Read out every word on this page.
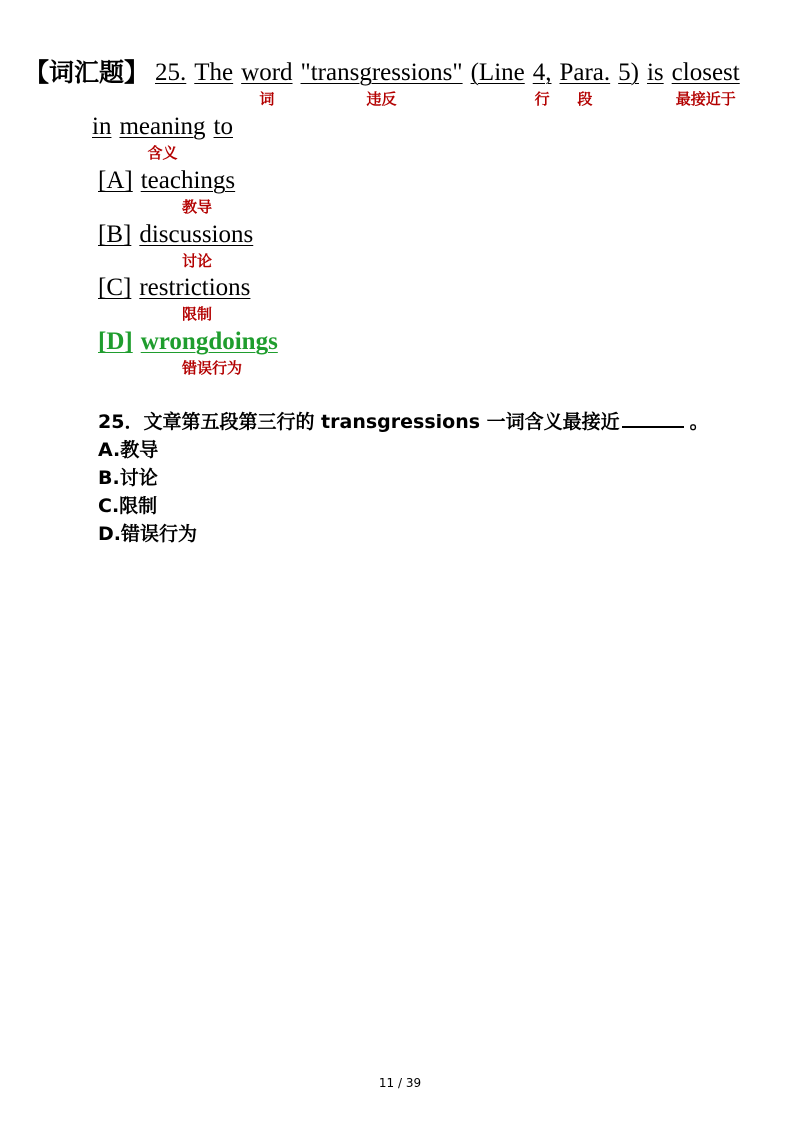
【词汇题】 25. The word
词
"transgressions"
违反
(Line 4,
行
Para.
段
5) is closest
最接近于
in meaning
含义
to
[A] teachings
教导
[B] discussions
讨论
[C] restrictions
限制
[D] wrongdoings
错误行为
25．文章第五段第三行的 transgressions 一词含义最接近	。
A.教导
B.讨论
C.限制
D.错误行为
11 / 39
